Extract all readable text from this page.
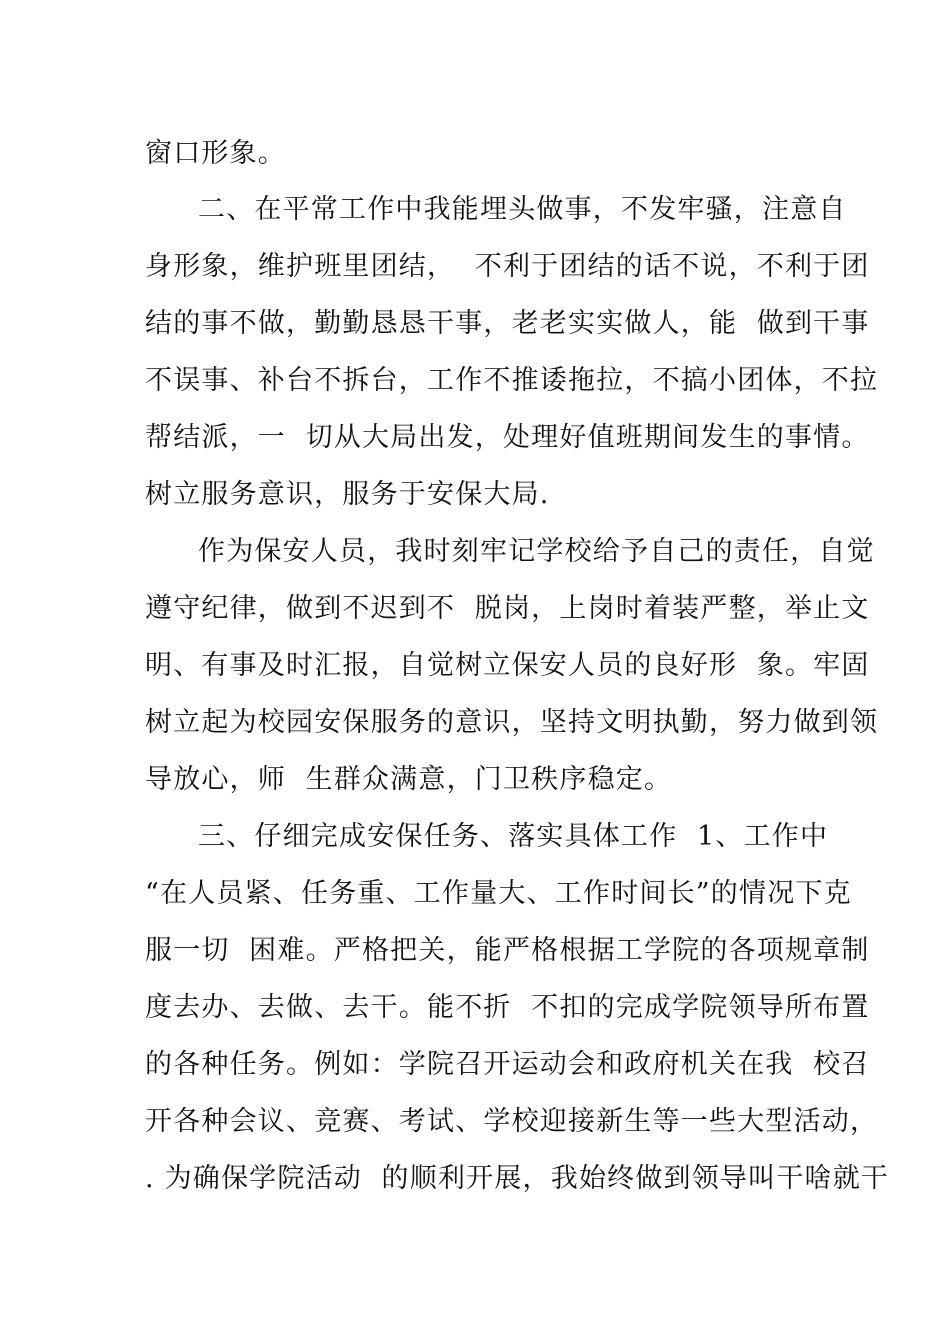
窗口形象。
二、在平常工作中我能埋头做事，不发牢骚，注意自
身形象，维护班里团结，  不利于团结的话不说，不利于团
结的事不做，勤勤恳恳干事，老老实实做人，能  做到干事
不误事、补台不拆台，工作不推诿拖拉，不搞小团体，不拉
帮结派，一  切从大局出发，处理好值班期间发生的事情。
树立服务意识，服务于安保大局.
作为保安人员，我时刻牢记学校给予自己的责任，自觉
遵守纪律，做到不迟到不  脱岗，上岗时着装严整，举止文
明、有事及时汇报，自觉树立保安人员的良好形  象。牢固
树立起为校园安保服务的意识，坚持文明执勤，努力做到领
导放心，师  生群众满意，门卫秩序稳定。
三、仔细完成安保任务、落实具体工作  1、工作中
“在人员紧、任务重、工作量大、工作时间长”的情况下克
服一切  困难。严格把关，能严格根据工学院的各项规章制
度去办、去做、去干。能不折  不扣的完成学院领导所布置
的各种任务。例如：学院召开运动会和政府机关在我  校召
开各种会议、竞赛、考试、学校迎接新生等一些大型活动，
. 为确保学院活动  的顺利开展，我始终做到领导叫干啥就干
